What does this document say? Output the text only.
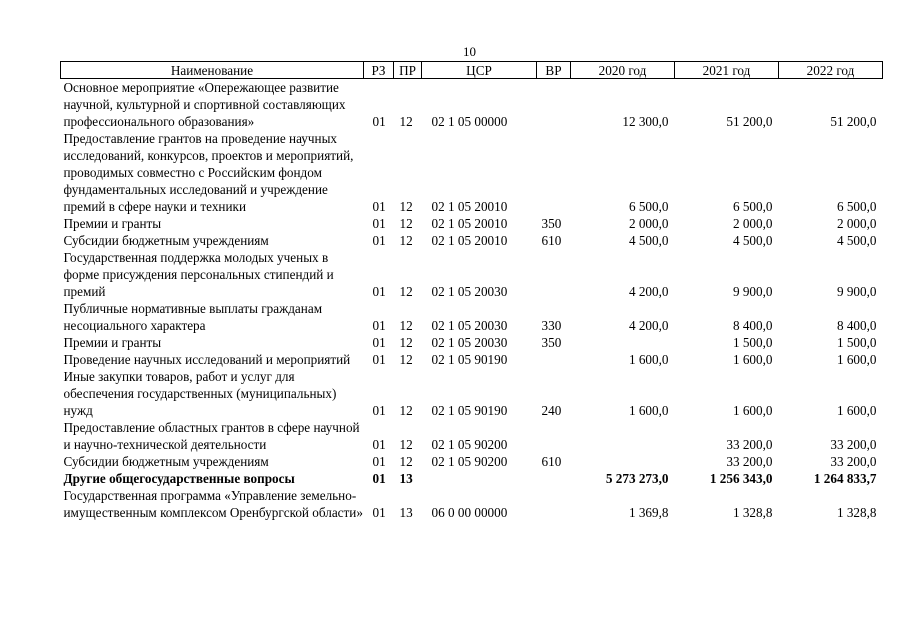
10
Наименование	РЗ	ПР	ЦСР	ВР	2020 год	2021 год	2022 год
Основное мероприятие «Опережающее развитие научной, культурной и спортивной составляющих профессионального образования»	01	12	02 1 05 00000		12 300,0	51 200,0	51 200,0
Предоставление грантов на проведение научных исследований, конкурсов, проектов и мероприятий, проводимых совместно с Российским фондом фундаментальных исследований и учреждение премий в сфере науки и техники	01	12	02 1 05 20010		6 500,0	6 500,0	6 500,0
Премии и гранты	01	12	02 1 05 20010	350	2 000,0	2 000,0	2 000,0
Субсидии бюджетным учреждениям	01	12	02 1 05 20010	610	4 500,0	4 500,0	4 500,0
Государственная поддержка молодых ученых в форме присуждения персональных стипендий и премий	01	12	02 1 05 20030		4 200,0	9 900,0	9 900,0
Публичные нормативные выплаты гражданам несоциального характера	01	12	02 1 05 20030	330	4 200,0	8 400,0	8 400,0
Премии и гранты	01	12	02 1 05 20030	350		1 500,0	1 500,0
Проведение научных исследований и мероприятий	01	12	02 1 05 90190		1 600,0	1 600,0	1 600,0
Иные закупки товаров, работ и услуг для обеспечения государственных (муниципальных) нужд	01	12	02 1 05 90190	240	1 600,0	1 600,0	1 600,0
Предоставление областных грантов в сфере научной и научно-технической деятельности	01	12	02 1 05 90200			33 200,0	33 200,0
Субсидии бюджетным учреждениям	01	12	02 1 05 90200	610		33 200,0	33 200,0
Другие общегосударственные вопросы	01	13			5 273 273,0	1 256 343,0	1 264 833,7
Государственная программа «Управление земельно-имущественным комплексом Оренбургской области»	01	13	06 0 00 00000		1 369,8	1 328,8	1 328,8
